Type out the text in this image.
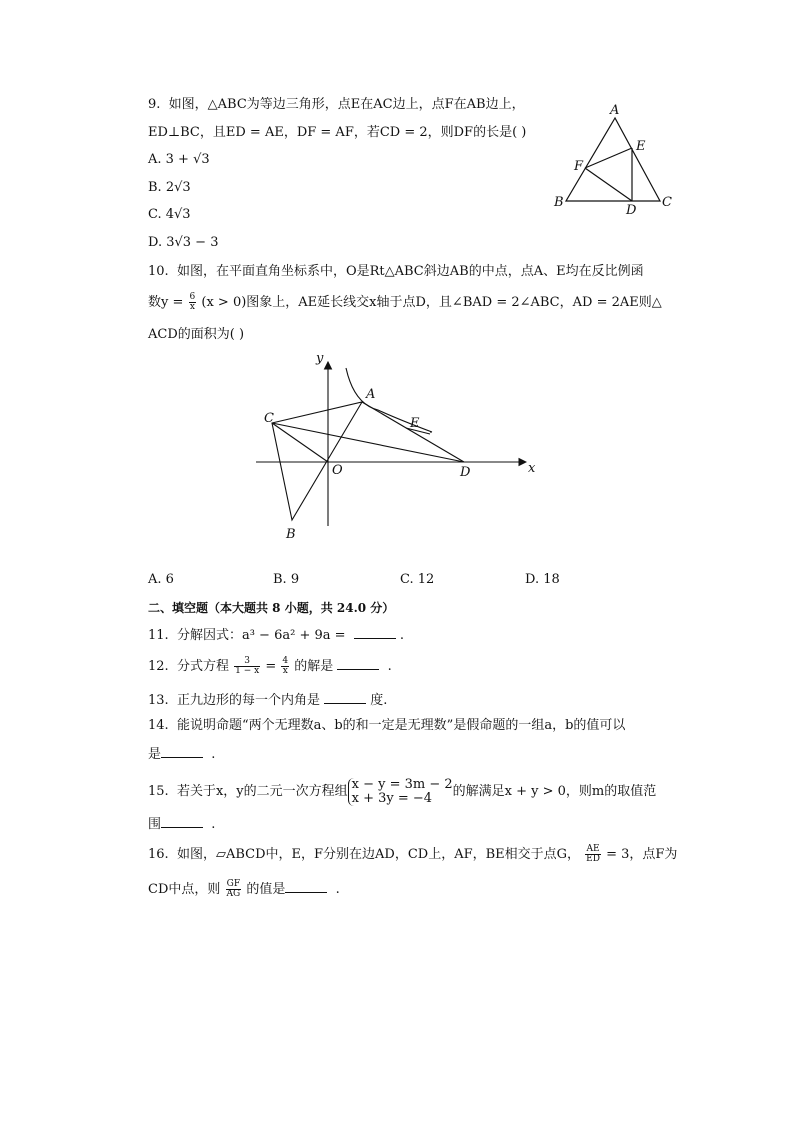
9. 如图，△ABC为等边三角形，点E在AC边上，点F在AB边上，
ED⊥BC，且ED = AE，DF = AF，若CD = 2，则DF的长是( )
A. 3 + √3
B. 2√3
C. 4√3
D. 3√3 − 3
A
B	C
D
E
F
10. 如图，在平面直角坐标系中，O是Rt△ABC斜边AB的中点，点A、E均在反比例函
数$y = \frac{6}{x} (x > 0)$图象上，AE延长线交x轴于点D，且∠BAD = 2∠ABC，AD = 2AE则△
ACD的面积为( )
y
x
A
B
C
D
E
O
A. 6	B. 9	C. 12	D. 18
二、填空题（本大题共 8 小题，共 24.0 分）
11. 分解因式：a³ − 6a² + 9a =	.
12. 分式方程 $\frac{3}{1 - x} = \frac{4}{x}$ 的解是	.
13. 正九边形的每一个内角是	度.
14. 能说明命题“两个无理数a、b的和一定是无理数”是假命题的一组a，b的值可以
是	.
15. 若关于x，y的二元一次方程组 x − y = 3m − 2
x + 3y = −4	的解满足x + y > 0，则m的取值范
围	.
16. 如图，▱ABCD中，E，F分别在边AD，CD上，AF，BE相交于点G， $\frac{AE}{ED} = 3$，点F为
CD中点，则 $\frac{GF}{AG}$ 的值是	.
